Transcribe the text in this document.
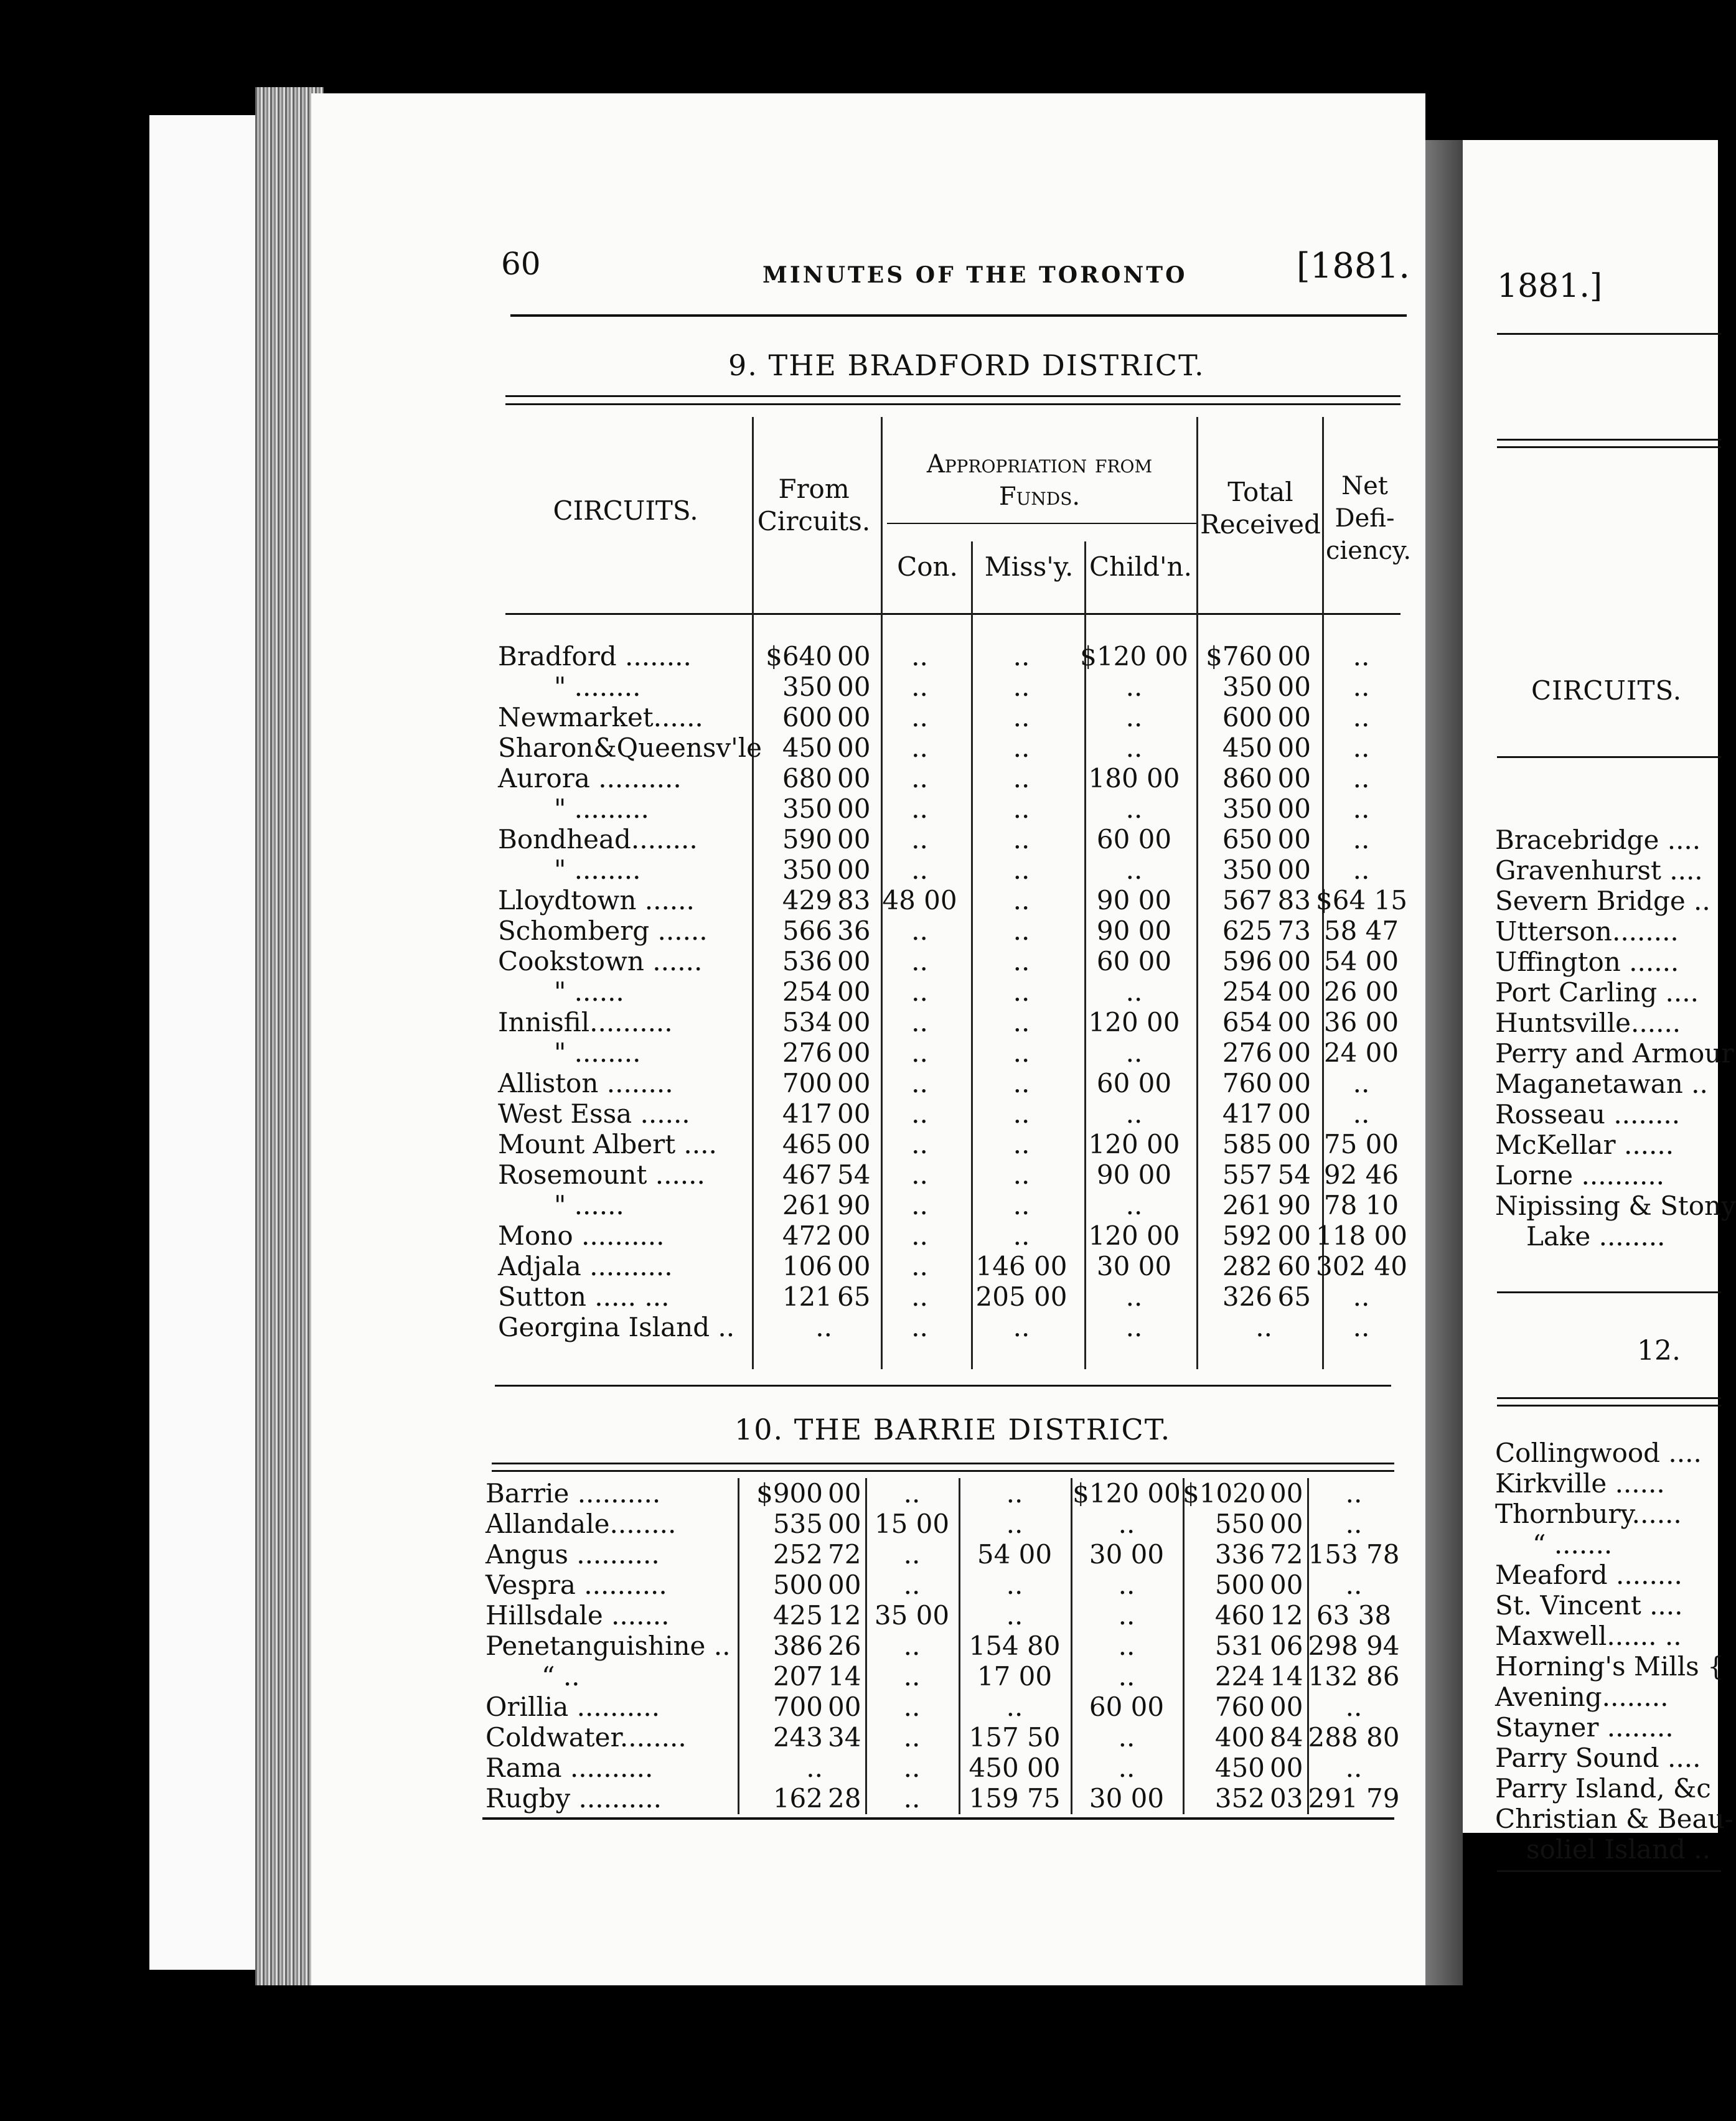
60	MINUTES OF THE TORONTO	[1881.
9. THE BRADFORD DISTRICT.
CIRCUITS.
From Circuits.
Appropriation from Funds.
Con.	Miss'y. Child'n.
Total Received
Net Defi- ciency.
Bradford ........	$640	00	..	..	$120 00	$760	00	..
" ........	350	00	..	..	..	350	00	..
Newmarket......	600	00	..	..	..	600	00	..
Sharon&Queensv'le	450	00	..	..	..	450	00	..
Aurora ..........	680	00	..	..	180 00	860	00	..
" .........	350	00	..	..	..	350	00	..
Bondhead........	590	00	..	..	60 00	650	00	..
" ........	350	00	..	..	..	350	00	..
Lloydtown ......	429	83	48 00	..	90 00	567	83	$64 15
Schomberg ......	566	36	..	..	90 00	625	73	58 47
Cookstown ......	536	00	..	..	60 00	596	00	54 00
" ......	254	00	..	..	..	254	00	26 00
Innisfil..........	534	00	..	..	120 00	654	00	36 00
" ........	276	00	..	..	..	276	00	24 00
Alliston ........	700	00	..	..	60 00	760	00	..
West Essa ......	417	00	..	..	..	417	00	..
Mount Albert ....	465	00	..	..	120 00	585	00	75 00
Rosemount ......	467	54	..	..	90 00	557	54	92 46
" ......	261	90	..	..	..	261	90	78 10
Mono ..........	472	00	..	..	120 00	592	00	118 00
Adjala ..........	106	00	..	146 00	30 00	282	60	302 40
Sutton ..... ...	121	65	..	205 00	..	326	65	..
Georgina Island ..	..		..	..	..	..		..
10. THE BARRIE DISTRICT.
Barrie ..........	$900	00	..	..	$120 00	$1020	00	..
Allandale........	535	00	15 00	..	..	550	00	..
Angus ..........	252	72	..	54 00	30 00	336	72	153 78
Vespra ..........	500	00	..	..	..	500	00	..
Hillsdale .......	425	12	35 00	..	..	460	12	63 38
Penetanguishine ..	386	26	..	154 80	..	531	06	298 94
“ ..	207	14	..	17 00	..	224	14	132 86
Orillia ..........	700	00	..	..	60 00	760	00	..
Coldwater........	243	34	..	157 50	..	400	84	288 80
Rama ..........	..		..	450 00	..	450	00	..
Rugby ..........	162	28	..	159 75	30 00	352	03	291 79
1881.]
CIRCUITS.
Bracebridge ....
Gravenhurst ....
Severn Bridge ..
Utterson........
Uffington ......
Port Carling ....
Huntsville......
Perry and Armour
Maganetawan ..
Rosseau ........
McKellar ......
Lorne ..........
Nipissing & Stony
Lake ........
12.
Collingwood ....
Kirkville ......
Thornbury......
“ .......
Meaford ........
St. Vincent ....
Maxwell...... ..
Horning's Mills {
Avening........
Stayner ........
Parry Sound ....
Parry Island, &c
Christian & Beau-
soliel Island ..
